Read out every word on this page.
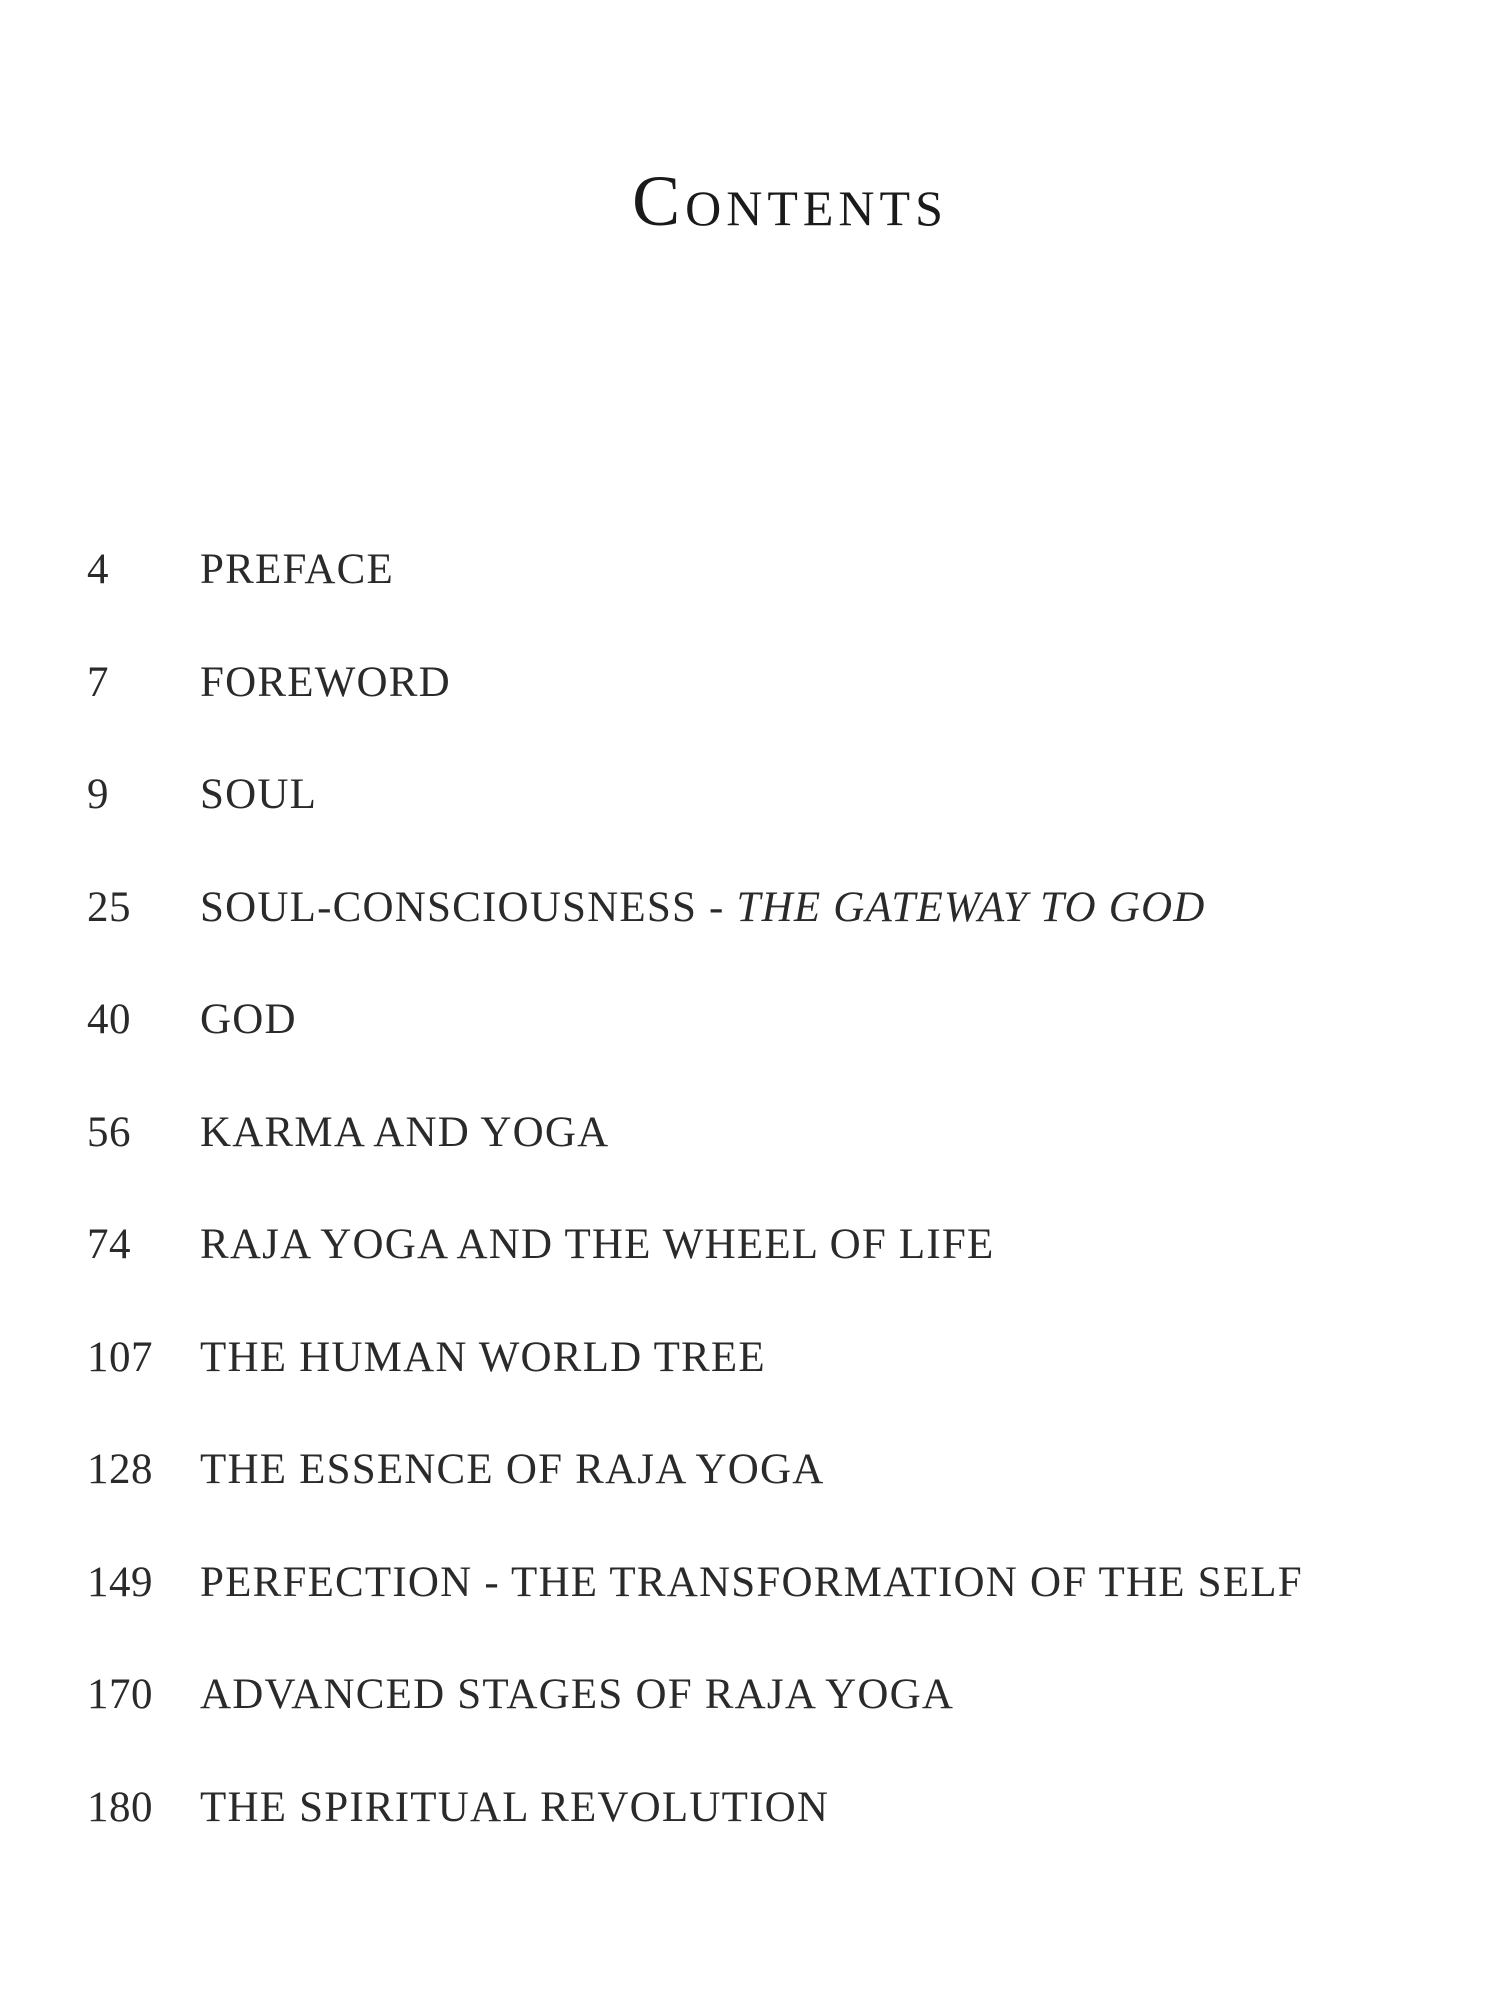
Contents
4	PREFACE
7	FOREWORD
9	SOUL
25	SOUL-CONSCIOUSNESS - THE GATEWAY TO GOD
40	GOD
56	KARMA AND YOGA
74	RAJA YOGA AND THE WHEEL OF LIFE
107	THE HUMAN WORLD TREE
128	THE ESSENCE OF RAJA YOGA
149	PERFECTION - THE TRANSFORMATION OF THE SELF
170	ADVANCED STAGES OF RAJA YOGA
180	THE SPIRITUAL REVOLUTION
